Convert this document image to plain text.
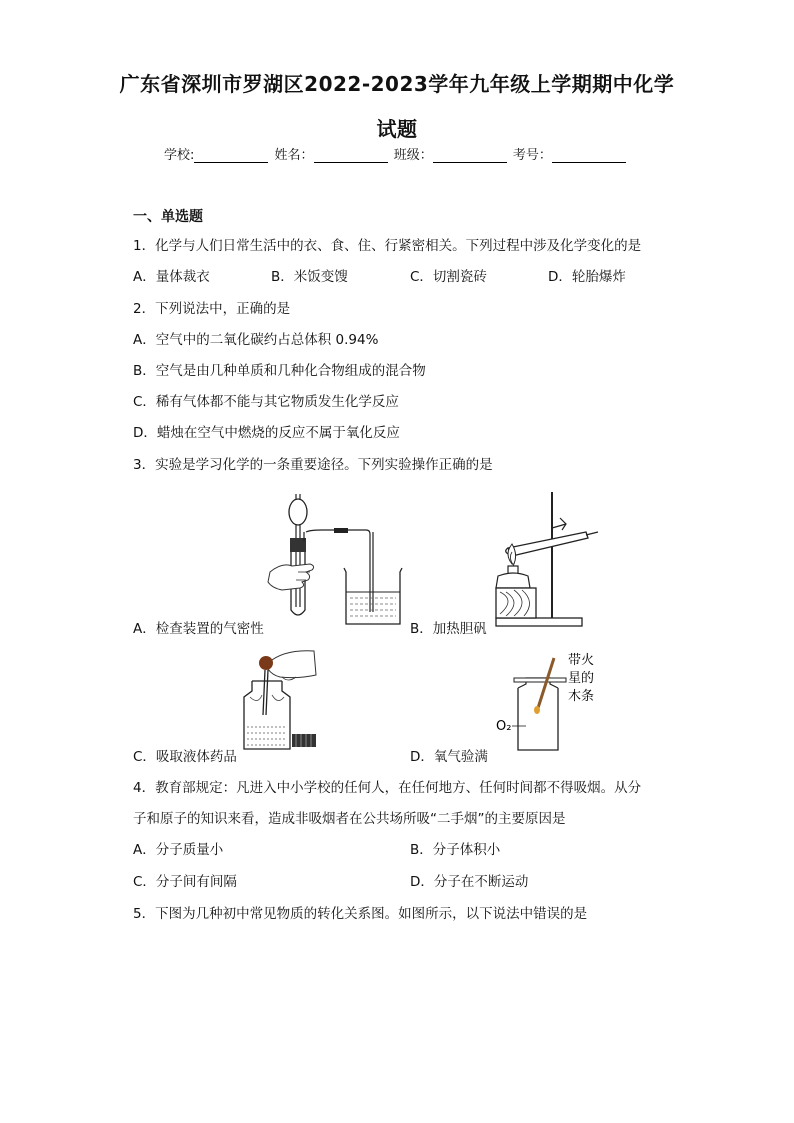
广东省深圳市罗湖区2022-2023学年九年级上学期期中化学
试题
学校:	姓名：	班级：	考号：
一、单选题
1．化学与人们日常生活中的衣、食、住、行紧密相关。下列过程中涉及化学变化的是
A．量体裁衣	B．米饭变馊	C．切割瓷砖	D．轮胎爆炸
2．下列说法中，正确的是
A．空气中的二氧化碳约占总体积 0.94%
B．空气是由几种单质和几种化合物组成的混合物
C．稀有气体都不能与其它物质发生化学反应
D．蜡烛在空气中燃烧的反应不属于氧化反应
3．实验是学习化学的一条重要途径。下列实验操作正确的是
A．检查装置的气密性	B．加热胆矾
O₂
带火
星的
木条
C．吸取液体药品	D．氧气验满
4．教育部规定：凡进入中小学校的任何人，在任何地方、任何时间都不得吸烟。从分
子和原子的知识来看，造成非吸烟者在公共场所吸“二手烟”的主要原因是
A．分子质量小	B．分子体积小
C．分子间有间隔	D．分子在不断运动
5．下图为几种初中常见物质的转化关系图。如图所示，以下说法中错误的是
